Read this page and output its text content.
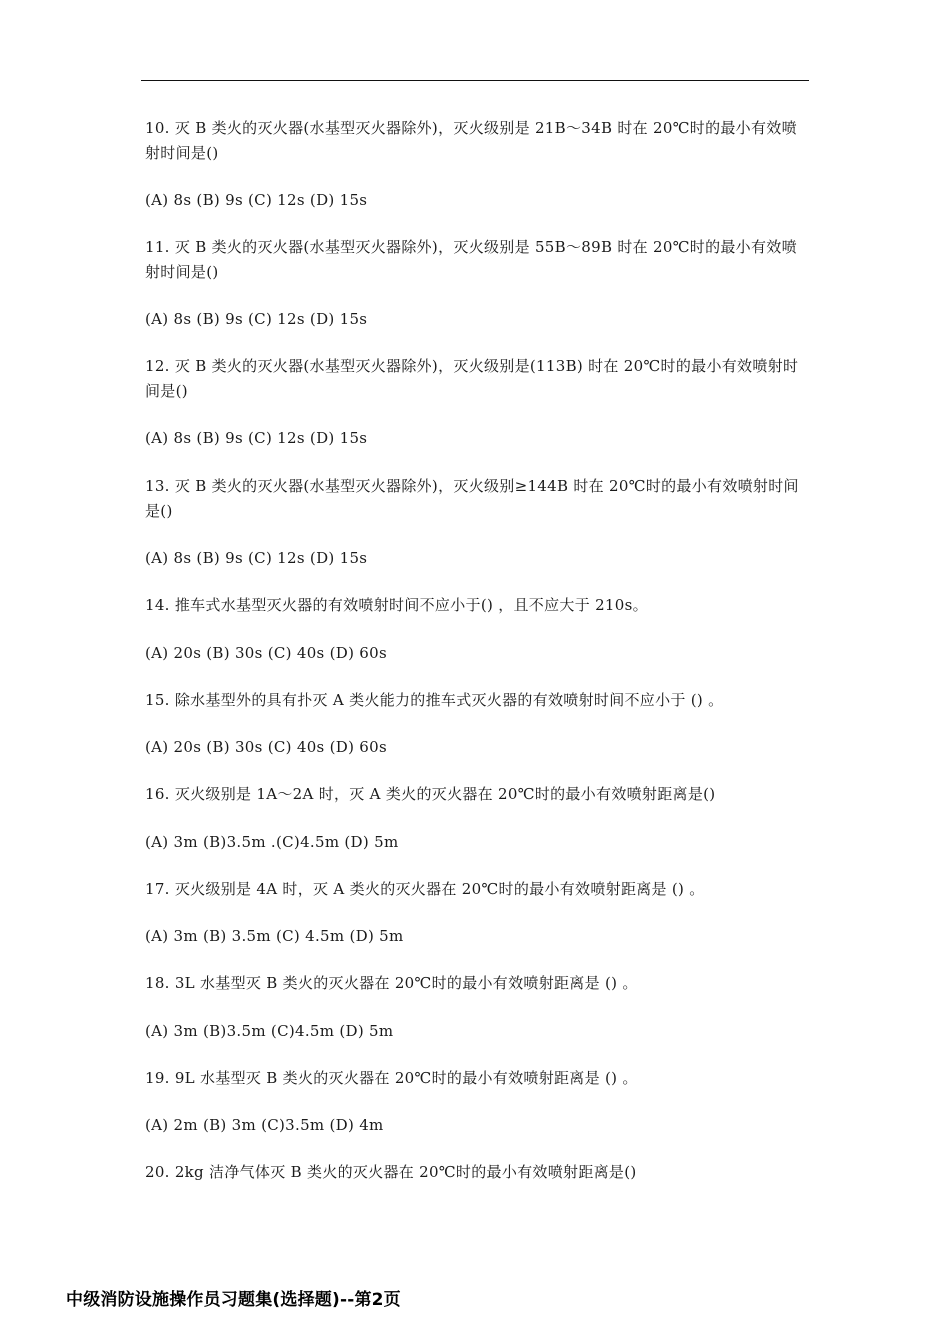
10. 灭 B 类火的灭火器(水基型灭火器除外)，灭火级别是 21B～34B 时在 20℃时的最小有效喷射时间是()

(A) 8s (B) 9s (C) 12s (D) 15s

11. 灭 B 类火的灭火器(水基型灭火器除外)，灭火级别是 55B～89B 时在 20℃时的最小有效喷射时间是()

(A) 8s (B) 9s (C) 12s (D) 15s

12. 灭 B 类火的灭火器(水基型灭火器除外)，灭火级别是(113B) 时在 20℃时的最小有效喷射时间是()

(A) 8s (B) 9s (C) 12s (D) 15s

13. 灭 B 类火的灭火器(水基型灭火器除外)，灭火级别≥144B 时在 20℃时的最小有效喷射时间是()

(A) 8s (B) 9s (C) 12s (D) 15s

14. 推车式水基型灭火器的有效喷射时间不应小于() ，且不应大于 210s。

(A) 20s (B) 30s (C) 40s (D) 60s

15. 除水基型外的具有扑灭 A 类火能力的推车式灭火器的有效喷射时间不应小于 () 。

(A) 20s (B) 30s (C) 40s (D) 60s

16. 灭火级别是 1A～2A 时，灭 A 类火的灭火器在 20℃时的最小有效喷射距离是()

(A) 3m (B)3.5m .(C)4.5m (D) 5m

17. 灭火级别是 4A 时，灭 A 类火的灭火器在 20℃时的最小有效喷射距离是 () 。

(A) 3m (B) 3.5m (C) 4.5m (D) 5m

18. 3L 水基型灭 B 类火的灭火器在 20℃时的最小有效喷射距离是 () 。

(A) 3m (B)3.5m (C)4.5m (D) 5m

19. 9L 水基型灭 B 类火的灭火器在 20℃时的最小有效喷射距离是 () 。

(A) 2m (B) 3m (C)3.5m (D) 4m

20. 2kg 洁净气体灭 B 类火的灭火器在 20℃时的最小有效喷射距离是()

中级消防设施操作员习题集(选择题)--第2页
